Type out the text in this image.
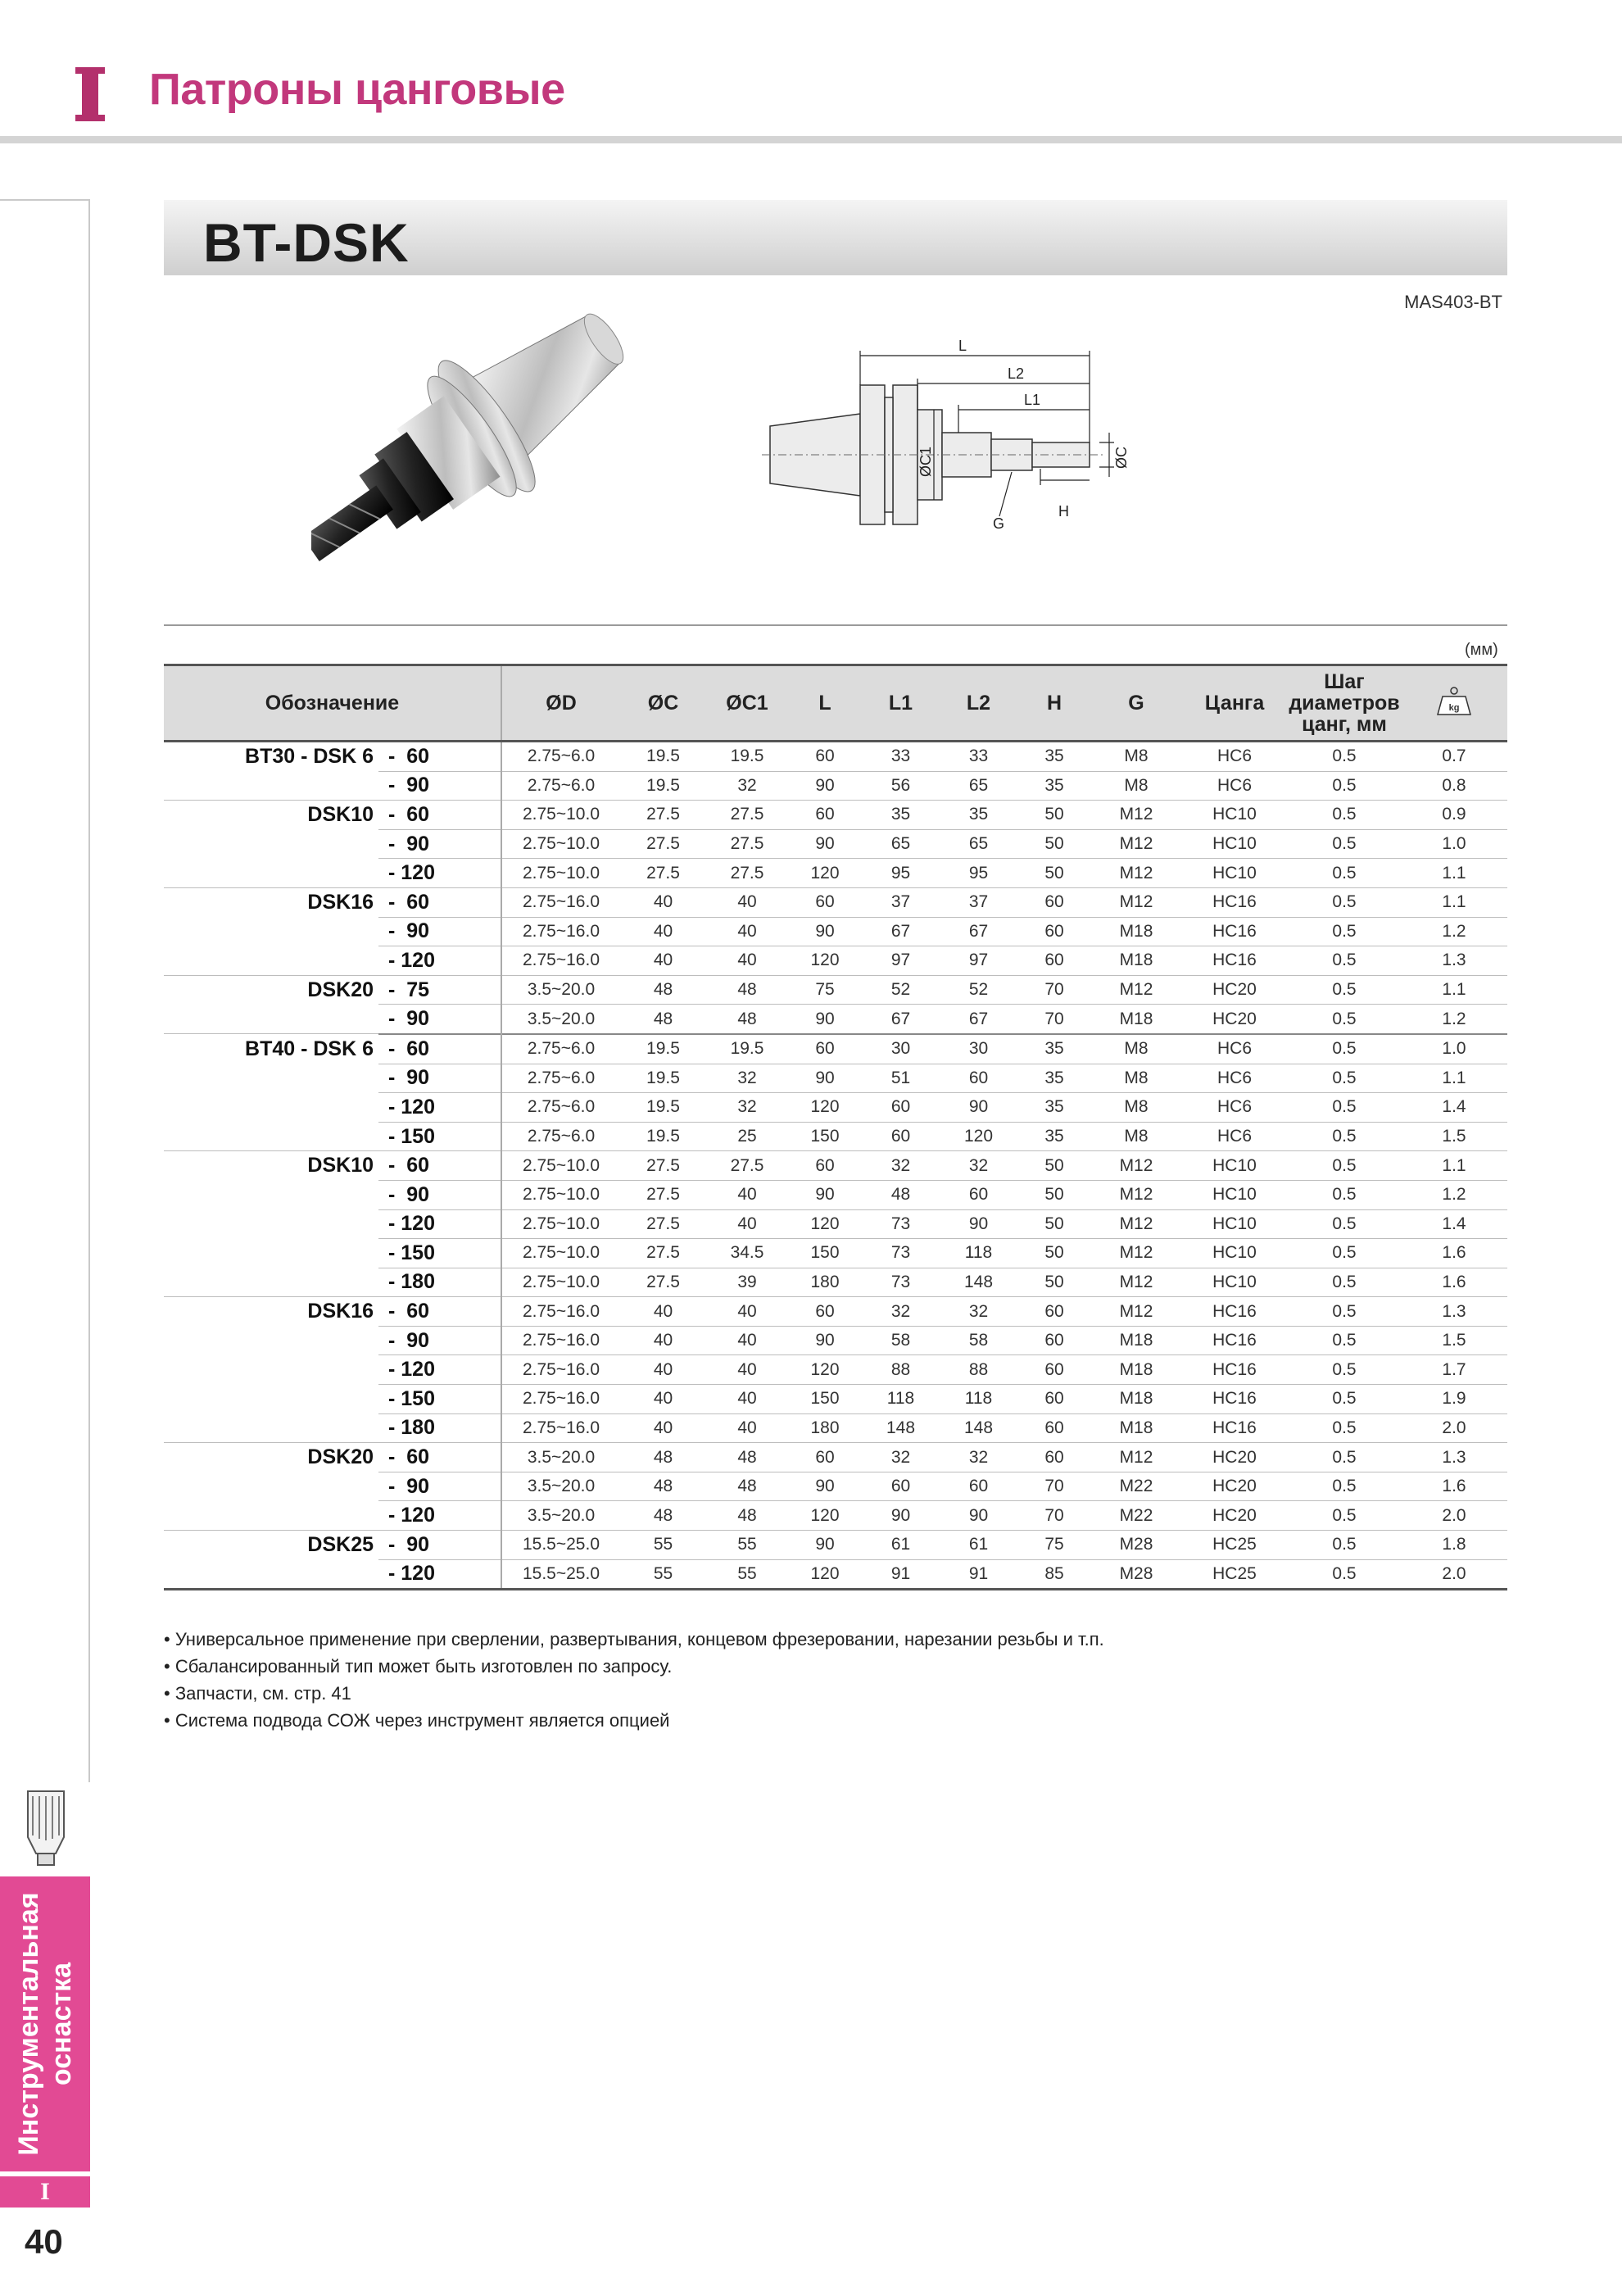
Патроны цанговые
Инструментальная оснастка
I
40
BT-DSK
MAS403-BT
L
L2
L1
ØC1	ØC
G
H
(мм)
Обозначение		ØD	ØC	ØC1	L	L1	L2	H	G	Цанга	Шаг
диаметров
цанг, мм	kg

BT30 - DSK 6	-  60	2.75~6.0	19.5	19.5	60	33	33	35	M8	HC6	0.5	0.7
	-  90	2.75~6.0	19.5	32	90	56	65	35	M8	HC6	0.5	0.8
DSK10	-  60	2.75~10.0	27.5	27.5	60	35	35	50	M12	HC10	0.5	0.9
	-  90	2.75~10.0	27.5	27.5	90	65	65	50	M12	HC10	0.5	1.0
	- 120	2.75~10.0	27.5	27.5	120	95	95	50	M12	HC10	0.5	1.1
DSK16	-  60	2.75~16.0	40	40	60	37	37	60	M12	HC16	0.5	1.1
	-  90	2.75~16.0	40	40	90	67	67	60	M18	HC16	0.5	1.2
	- 120	2.75~16.0	40	40	120	97	97	60	M18	HC16	0.5	1.3
DSK20	-  75	3.5~20.0	48	48	75	52	52	70	M12	HC20	0.5	1.1
	-  90	3.5~20.0	48	48	90	67	67	70	M18	HC20	0.5	1.2
BT40 - DSK 6	-  60	2.75~6.0	19.5	19.5	60	30	30	35	M8	HC6	0.5	1.0
	-  90	2.75~6.0	19.5	32	90	51	60	35	M8	HC6	0.5	1.1
	- 120	2.75~6.0	19.5	32	120	60	90	35	M8	HC6	0.5	1.4
	- 150	2.75~6.0	19.5	25	150	60	120	35	M8	HC6	0.5	1.5
DSK10	-  60	2.75~10.0	27.5	27.5	60	32	32	50	M12	HC10	0.5	1.1
	-  90	2.75~10.0	27.5	40	90	48	60	50	M12	HC10	0.5	1.2
	- 120	2.75~10.0	27.5	40	120	73	90	50	M12	HC10	0.5	1.4
	- 150	2.75~10.0	27.5	34.5	150	73	118	50	M12	HC10	0.5	1.6
	- 180	2.75~10.0	27.5	39	180	73	148	50	M12	HC10	0.5	1.6
DSK16	-  60	2.75~16.0	40	40	60	32	32	60	M12	HC16	0.5	1.3
	-  90	2.75~16.0	40	40	90	58	58	60	M18	HC16	0.5	1.5
	- 120	2.75~16.0	40	40	120	88	88	60	M18	HC16	0.5	1.7
	- 150	2.75~16.0	40	40	150	118	118	60	M18	HC16	0.5	1.9
	- 180	2.75~16.0	40	40	180	148	148	60	M18	HC16	0.5	2.0
DSK20	-  60	3.5~20.0	48	48	60	32	32	60	M12	HC20	0.5	1.3
	-  90	3.5~20.0	48	48	90	60	60	70	M22	HC20	0.5	1.6
	- 120	3.5~20.0	48	48	120	90	90	70	M22	HC20	0.5	2.0
DSK25	-  90	15.5~25.0	55	55	90	61	61	75	M28	HC25	0.5	1.8
	- 120	15.5~25.0	55	55	120	91	91	85	M28	HC25	0.5	2.0
• Универсальное применение при сверлении, развертывания, концевом фрезеровании, нарезании резьбы и т.п.
• Сбалансированный тип может быть изготовлен по запросу.
• Запчасти, см. стр. 41
• Система подвода СОЖ через инструмент является опцией
